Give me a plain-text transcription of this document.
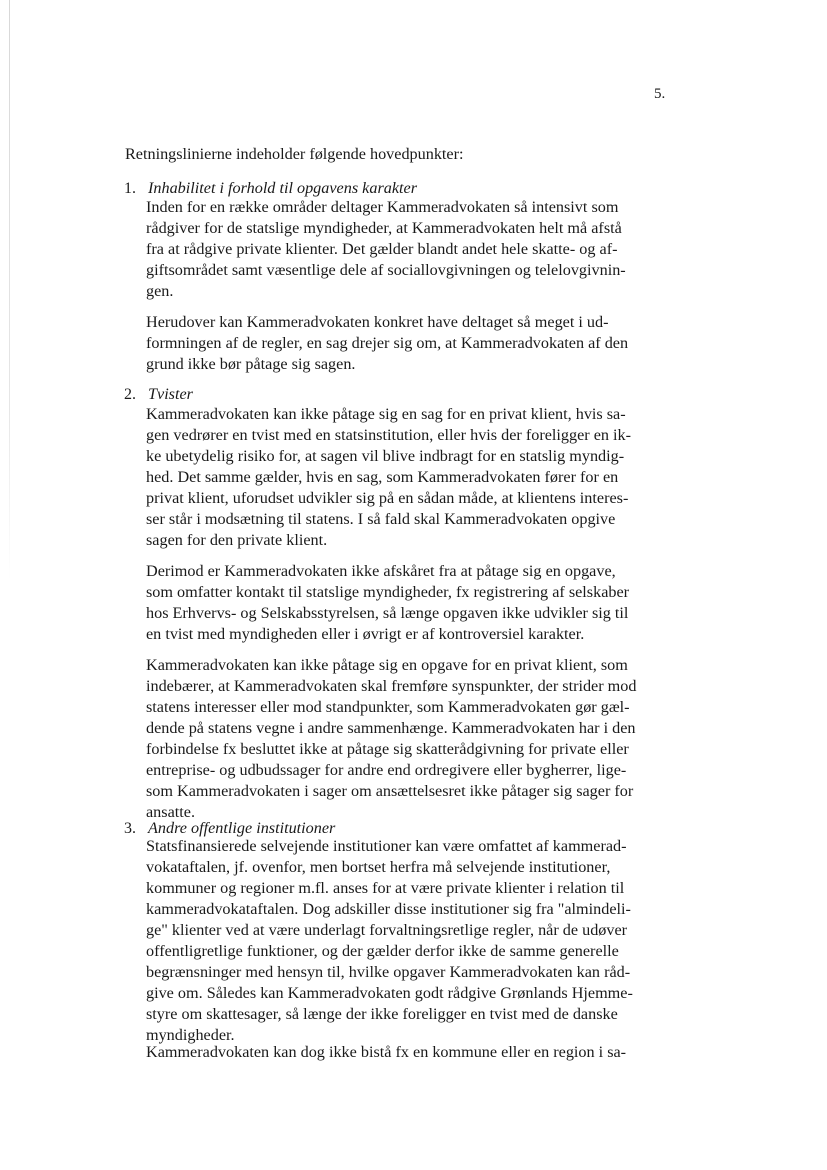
5.

Retningslinierne indeholder følgende hovedpunkter:

1. Inhabilitet i forhold til opgavens karakter

Inden for en række områder deltager Kammeradvokaten så intensivt som

rådgiver for de statslige myndigheder, at Kammeradvokaten helt må afstå

fra at rådgive private klienter. Det gælder blandt andet hele skatte- og af-

giftsområdet samt væsentlige dele af sociallovgivningen og telelovgivnin-

gen.

Herudover kan Kammeradvokaten konkret have deltaget så meget i ud-

formningen af de regler, en sag drejer sig om, at Kammeradvokaten af den

grund ikke bør påtage sig sagen.

2. Tvister

Kammeradvokaten kan ikke påtage sig en sag for en privat klient, hvis sa-

gen vedrører en tvist med en statsinstitution, eller hvis der foreligger en ik-

ke ubetydelig risiko for, at sagen vil blive indbragt for en statslig myndig-

hed. Det samme gælder, hvis en sag, som Kammeradvokaten fører for en

privat klient, uforudset udvikler sig på en sådan måde, at klientens interes-

ser står i modsætning til statens. I så fald skal Kammeradvokaten opgive

sagen for den private klient.

Derimod er Kammeradvokaten ikke afskåret fra at påtage sig en opgave,

som omfatter kontakt til statslige myndigheder, fx registrering af selskaber

hos Erhvervs- og Selskabsstyrelsen, så længe opgaven ikke udvikler sig til

en tvist med myndigheden eller i øvrigt er af kontroversiel karakter.

Kammeradvokaten kan ikke påtage sig en opgave for en privat klient, som

indebærer, at Kammeradvokaten skal fremføre synspunkter, der strider mod

statens interesser eller mod standpunkter, som Kammeradvokaten gør gæl-

dende på statens vegne i andre sammenhænge. Kammeradvokaten har i den

forbindelse fx besluttet ikke at påtage sig skatterådgivning for private eller

entreprise- og udbudssager for andre end ordregivere eller bygherrer, lige-

som Kammeradvokaten i sager om ansættelsesret ikke påtager sig sager for

ansatte.

3. Andre offentlige institutioner

Statsfinansierede selvejende institutioner kan være omfattet af kammerad-

vokataftalen, jf. ovenfor, men bortset herfra må selvejende institutioner,

kommuner og regioner m.fl. anses for at være private klienter i relation til

kammeradvokataftalen. Dog adskiller disse institutioner sig fra "almindeli-

ge" klienter ved at være underlagt forvaltningsretlige regler, når de udøver

offentligretlige funktioner, og der gælder derfor ikke de samme generelle

begrænsninger med hensyn til, hvilke opgaver Kammeradvokaten kan råd-

give om. Således kan Kammeradvokaten godt rådgive Grønlands Hjemme-

styre om skattesager, så længe der ikke foreligger en tvist med de danske

myndigheder.

Kammeradvokaten kan dog ikke bistå fx en kommune eller en region i sa-
